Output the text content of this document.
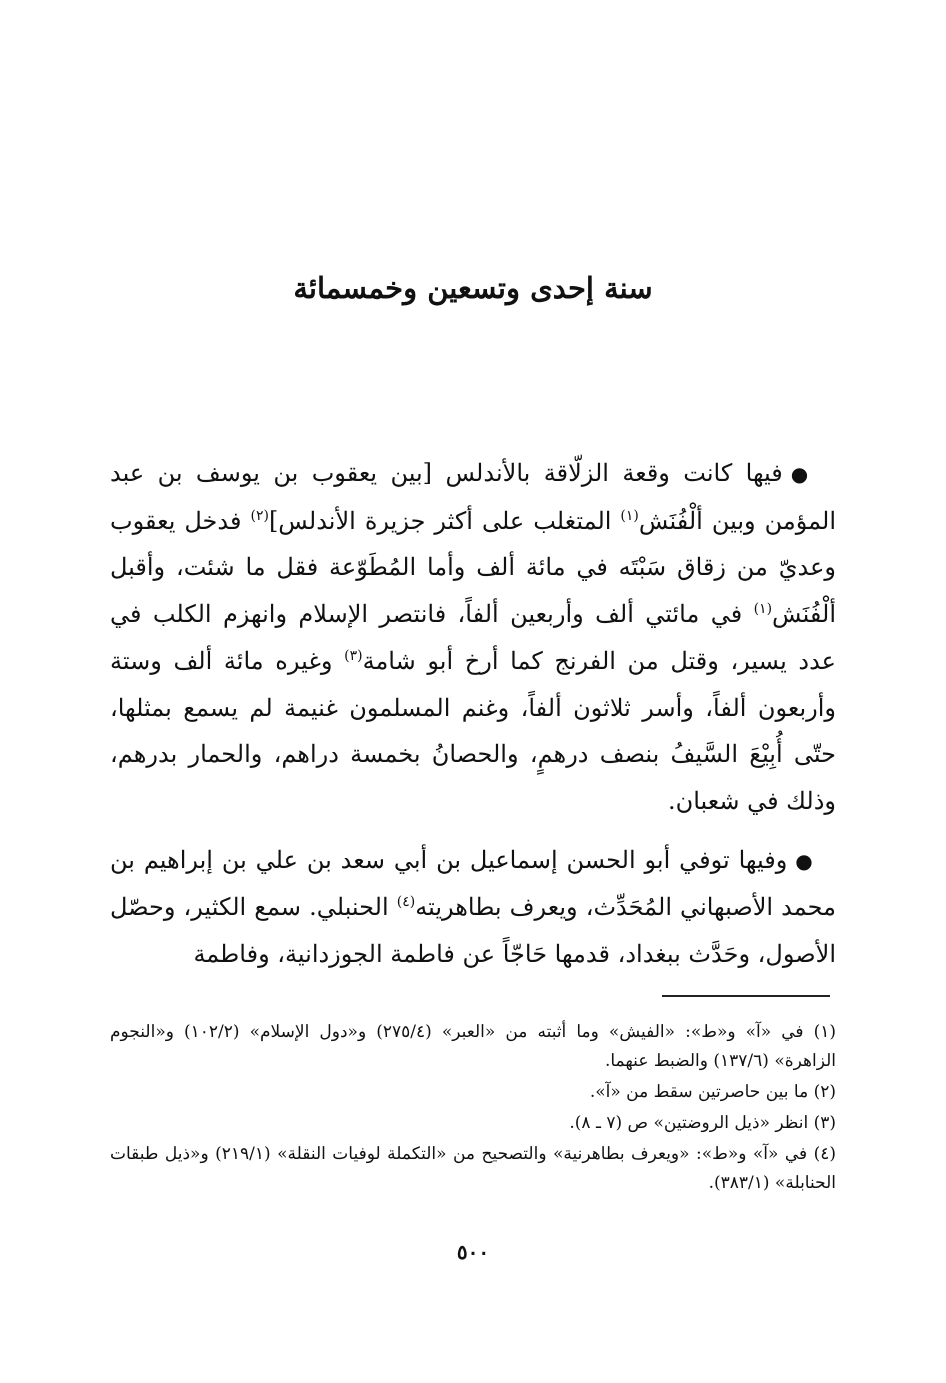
سنة إحدى وتسعين وخمسمائة

●فيها كانت وقعة الزلّاقة بالأندلس [بين يعقوب بن يوسف بن عبد المؤمن وبين ألْفُنَش$^{(١)}$ المتغلب على أكثر جزيرة الأندلس]$^{(٢)}$ فدخل يعقوب وعديّ من زقاق سَبْتَه في مائة ألف وأما المُطَوّعة فقل ما شئت، وأقبل ألْفُنَش$^{(١)}$ في مائتي ألف وأربعين ألفاً، فانتصر الإسلام وانهزم الكلب في عدد يسير، وقتل من الفرنج كما أرخ أبو شامة$^{(٣)}$ وغيره مائة ألف وستة وأربعون ألفاً، وأسر ثلاثون ألفاً، وغنم المسلمون غنيمة لم يسمع بمثلها، حتّى أُبِيْعَ السَّيفُ بنصف درهمٍ، والحصانُ بخمسة دراهم، والحمار بدرهم، وذلك في شعبان.

●وفيها توفي أبو الحسن إسماعيل بن أبي سعد بن علي بن إبراهيم بن محمد الأصبهاني المُحَدِّث، ويعرف بطاهريته$^{(٤)}$ الحنبلي. سمع الكثير، وحصّل الأصول، وحَدَّث ببغداد، قدمها حَاجّاً عن فاطمة الجوزدانية، وفاطمة

(١) في «آ» و«ط»: «الفيش» وما أثبته من «العبر» (٢٧٥/٤) و«دول الإسلام» (١٠٢/٢) و«النجوم الزاهرة» (١٣٧/٦) والضبط عنهما.

(٢) ما بين حاصرتين سقط من «آ».

(٣) انظر «ذيل الروضتين» ص (٧ ـ ٨).

(٤) في «آ» و«ط»: «ويعرف بطاهرنية» والتصحيح من «التكملة لوفيات النقلة» (٢١٩/١) و«ذيل طبقات الحنابلة» (٣٨٣/١).

٥٠٠
